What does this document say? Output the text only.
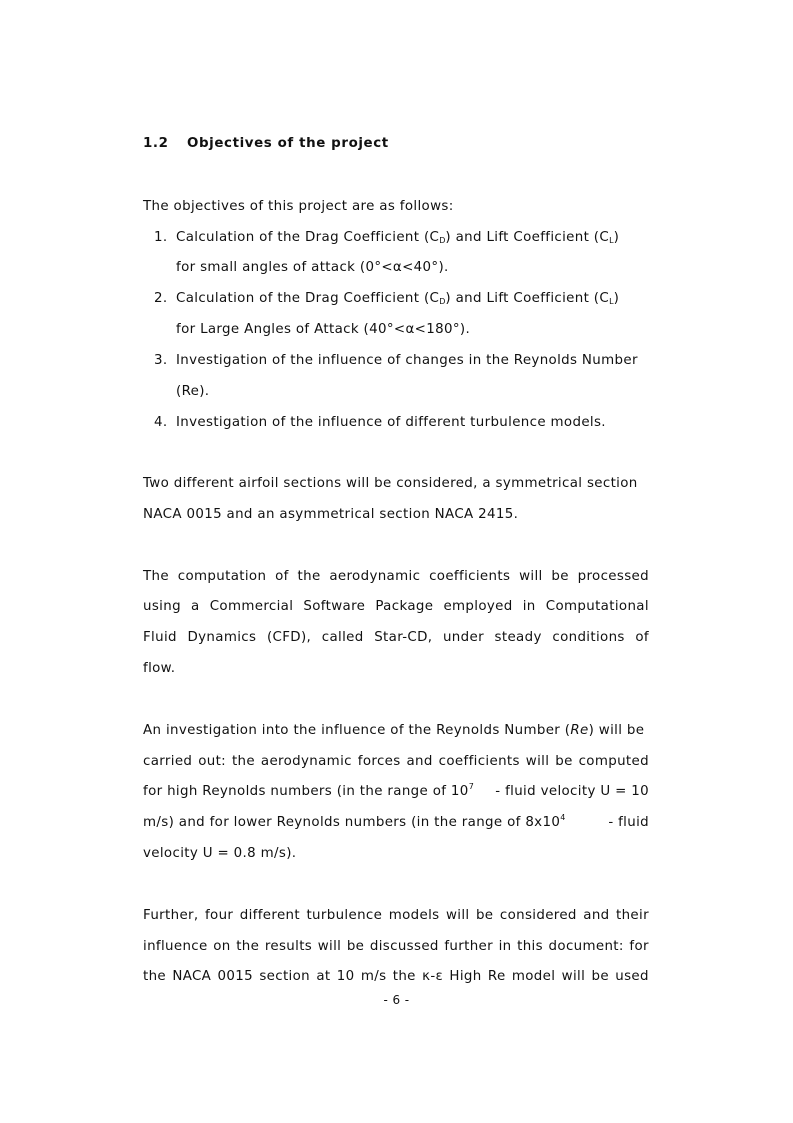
1.2 Objectives of the project
The objectives of this project are as follows:
1. Calculation of the Drag Coefficient $(C_D)$ and Lift Coefficient $(C_L)$
for small angles of attack (0°<α<40°).
2. Calculation of the Drag Coefficient $(C_D)$ and Lift Coefficient $(C_L)$
for Large Angles of Attack (40°<α<180°).
3. Investigation of the influence of changes in the Reynolds Number
(Re).
4. Investigation of the influence of different turbulence models.
Two different airfoil sections will be considered, a symmetrical section
NACA 0015 and an asymmetrical section NACA 2415.
The computation of the aerodynamic coefficients will be processed
using a Commercial Software Package employed in Computational
Fluid Dynamics (CFD), called Star-CD, under steady conditions of
flow.
An investigation into the influence of the Reynolds Number (Re) will be
carried out: the aerodynamic forces and coefficients will be computed
for high Reynolds numbers (in the range of $10^7$ - fluid velocity U = 10
m/s) and for lower Reynolds numbers (in the range of $8x10^4$	- fluid
velocity U = 0.8 m/s).
Further, four different turbulence models will be considered and their
influence on the results will be discussed further in this document: for
the NACA 0015 section at 10 m/s the κ-ε High Re model will be used
- 6 -
